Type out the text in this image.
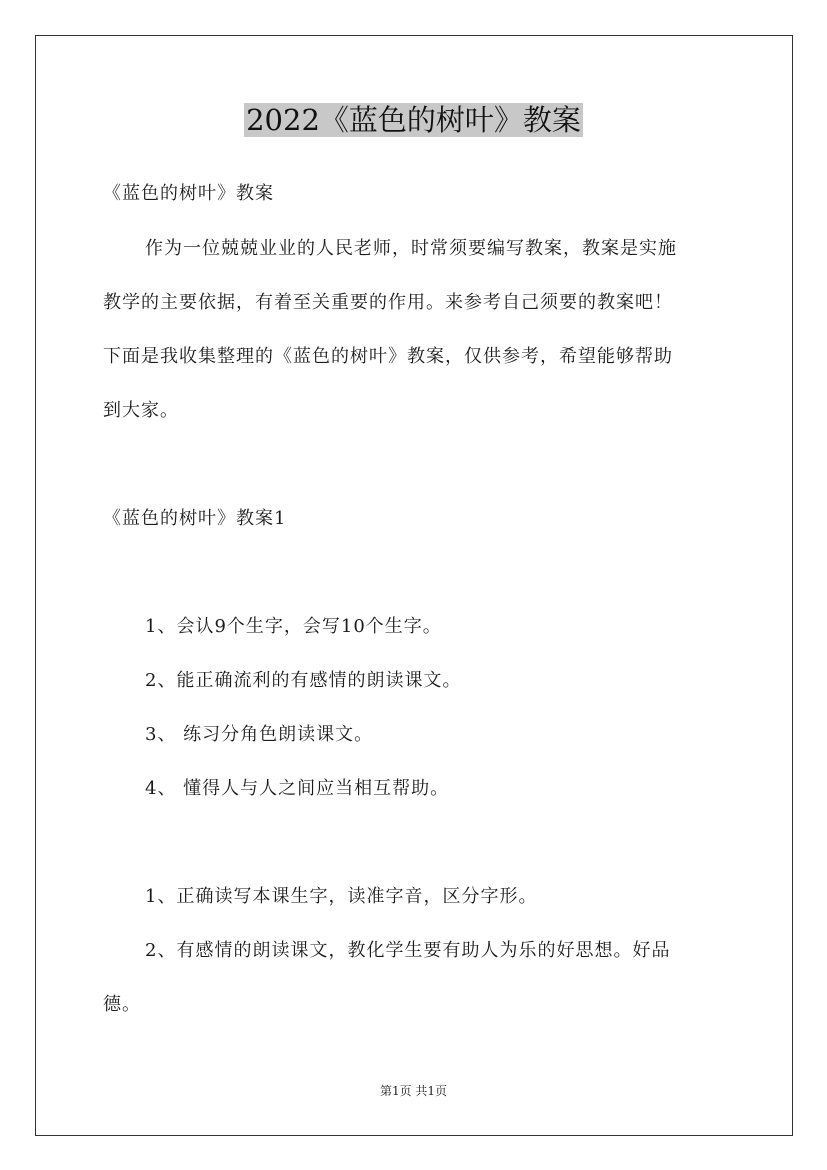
2022《蓝色的树叶》教案
《蓝色的树叶》教案
作为一位兢兢业业的人民老师，时常须要编写教案，教案是实施
教学的主要依据，有着至关重要的作用。来参考自己须要的教案吧！
下面是我收集整理的《蓝色的树叶》教案，仅供参考，希望能够帮助
到大家。
《蓝色的树叶》教案1
1、会认9个生字，会写10个生字。
2、能正确流利的有感情的朗读课文。
3、 练习分角色朗读课文。
4、 懂得人与人之间应当相互帮助。
1、正确读写本课生字，读准字音，区分字形。
2、有感情的朗读课文，教化学生要有助人为乐的好思想。好品
德。
第1页 共1页
